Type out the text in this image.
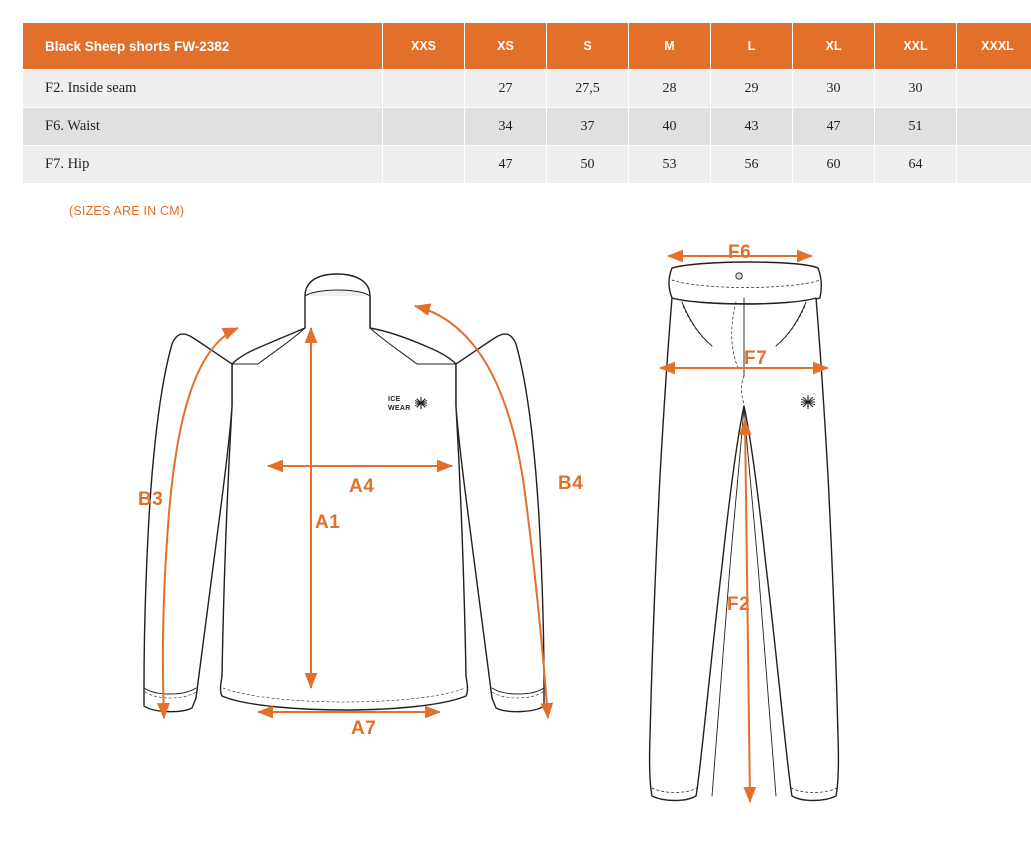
Black Sheep shorts FW-2382	XXS	XS	S	M	L	XL	XXL	XXXL
F2. Inside seam		27	27,5	28	29	30	30	
F6. Waist		34	37	40	43	47	51	
F7. Hip		47	50	53	56	60	64	
(SIZES ARE IN CM)
B3
B4
A4
A1
A7
F6
F7
F2
ICE
WEAR
